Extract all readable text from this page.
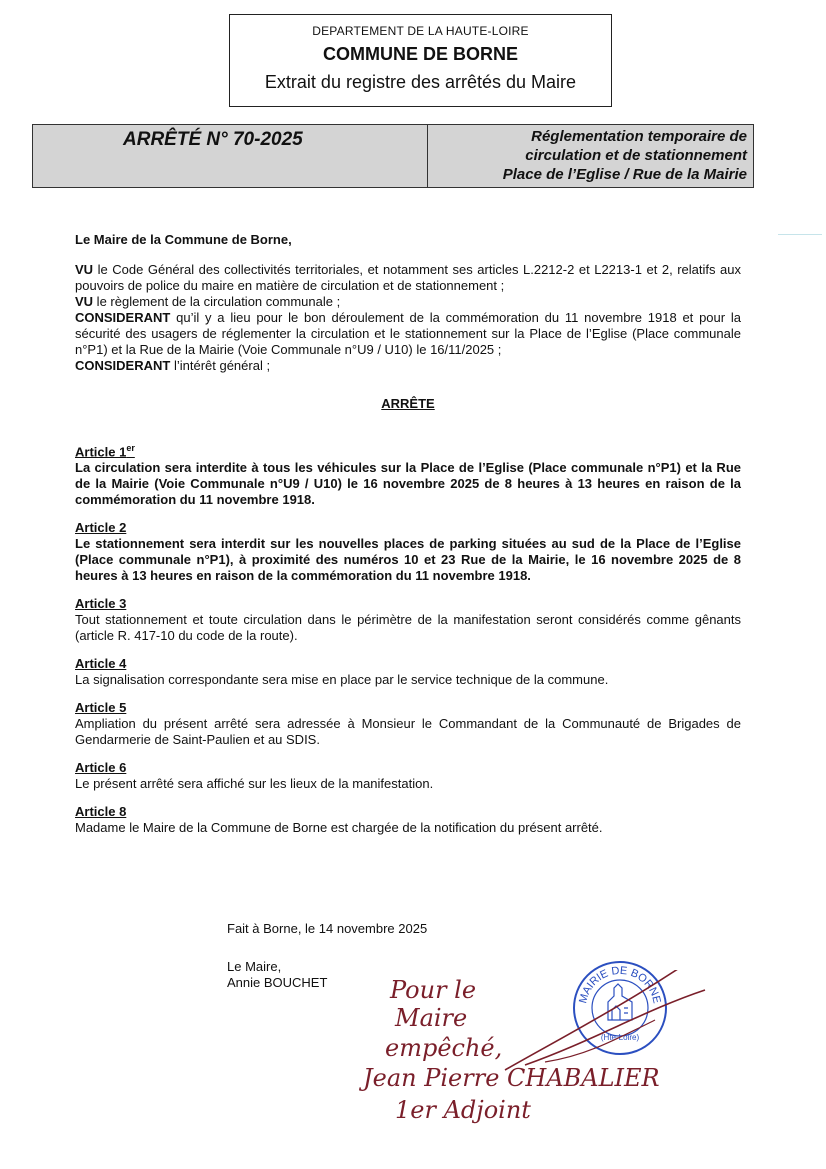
DEPARTEMENT DE LA HAUTE-LOIRE
COMMUNE DE BORNE
Extrait du registre des arrêtés du Maire
ARRÊTÉ N° 70-2025	Réglementation temporaire de
circulation et de stationnement
Place de l’Eglise / Rue de la Mairie
Le Maire de la Commune de Borne,
VU le Code Général des collectivités territoriales, et notamment ses articles L.2212-2 et L2213-1 et 2, relatifs aux pouvoirs de police du maire en matière de circulation et de stationnement ;
VU le règlement de la circulation communale ;
CONSIDERANT qu’il y a lieu pour le bon déroulement de la commémoration du 11 novembre 1918 et pour la sécurité des usagers de réglementer la circulation et le stationnement sur la Place de l’Eglise (Place communale n°P1) et la Rue de la Mairie (Voie Communale n°U9 / U10) le 16/11/2025 ;
CONSIDERANT l’intérêt général ;
ARRÊTE
Article 1er
La circulation sera interdite à tous les véhicules sur la Place de l’Eglise (Place communale n°P1) et la Rue de la Mairie (Voie Communale n°U9 / U10) le 16 novembre 2025 de 8 heures à 13 heures en raison de la commémoration du 11 novembre 1918.
Article 2
Le stationnement sera interdit sur les nouvelles places de parking situées au sud de la Place de l’Eglise (Place communale n°P1), à proximité des numéros 10 et 23 Rue de la Mairie, le 16 novembre 2025 de 8 heures à 13 heures en raison de la commémoration du 11 novembre 1918.
Article 3
Tout stationnement et toute circulation dans le périmètre de la manifestation seront considérés comme gênants (article R. 417-10 du code de la route).
Article 4
La signalisation correspondante sera mise en place par le service technique de la commune.
Article 5
Ampliation du présent arrêté sera adressée à Monsieur le Commandant de la Communauté de Brigades de Gendarmerie de Saint-Paulien et au SDIS.
Article 6
Le présent arrêté sera affiché sur les lieux de la manifestation.
Article 8
Madame le Maire de la Commune de Borne est chargée de la notification du présent arrêté.
Fait à Borne, le 14 novembre 2025
Le Maire,
Annie BOUCHET
MAIRIE DE BORNE
(Hte-Loire)
Pour le
Maire
empêché,
Jean Pierre CHABALIER
1er Adjoint
